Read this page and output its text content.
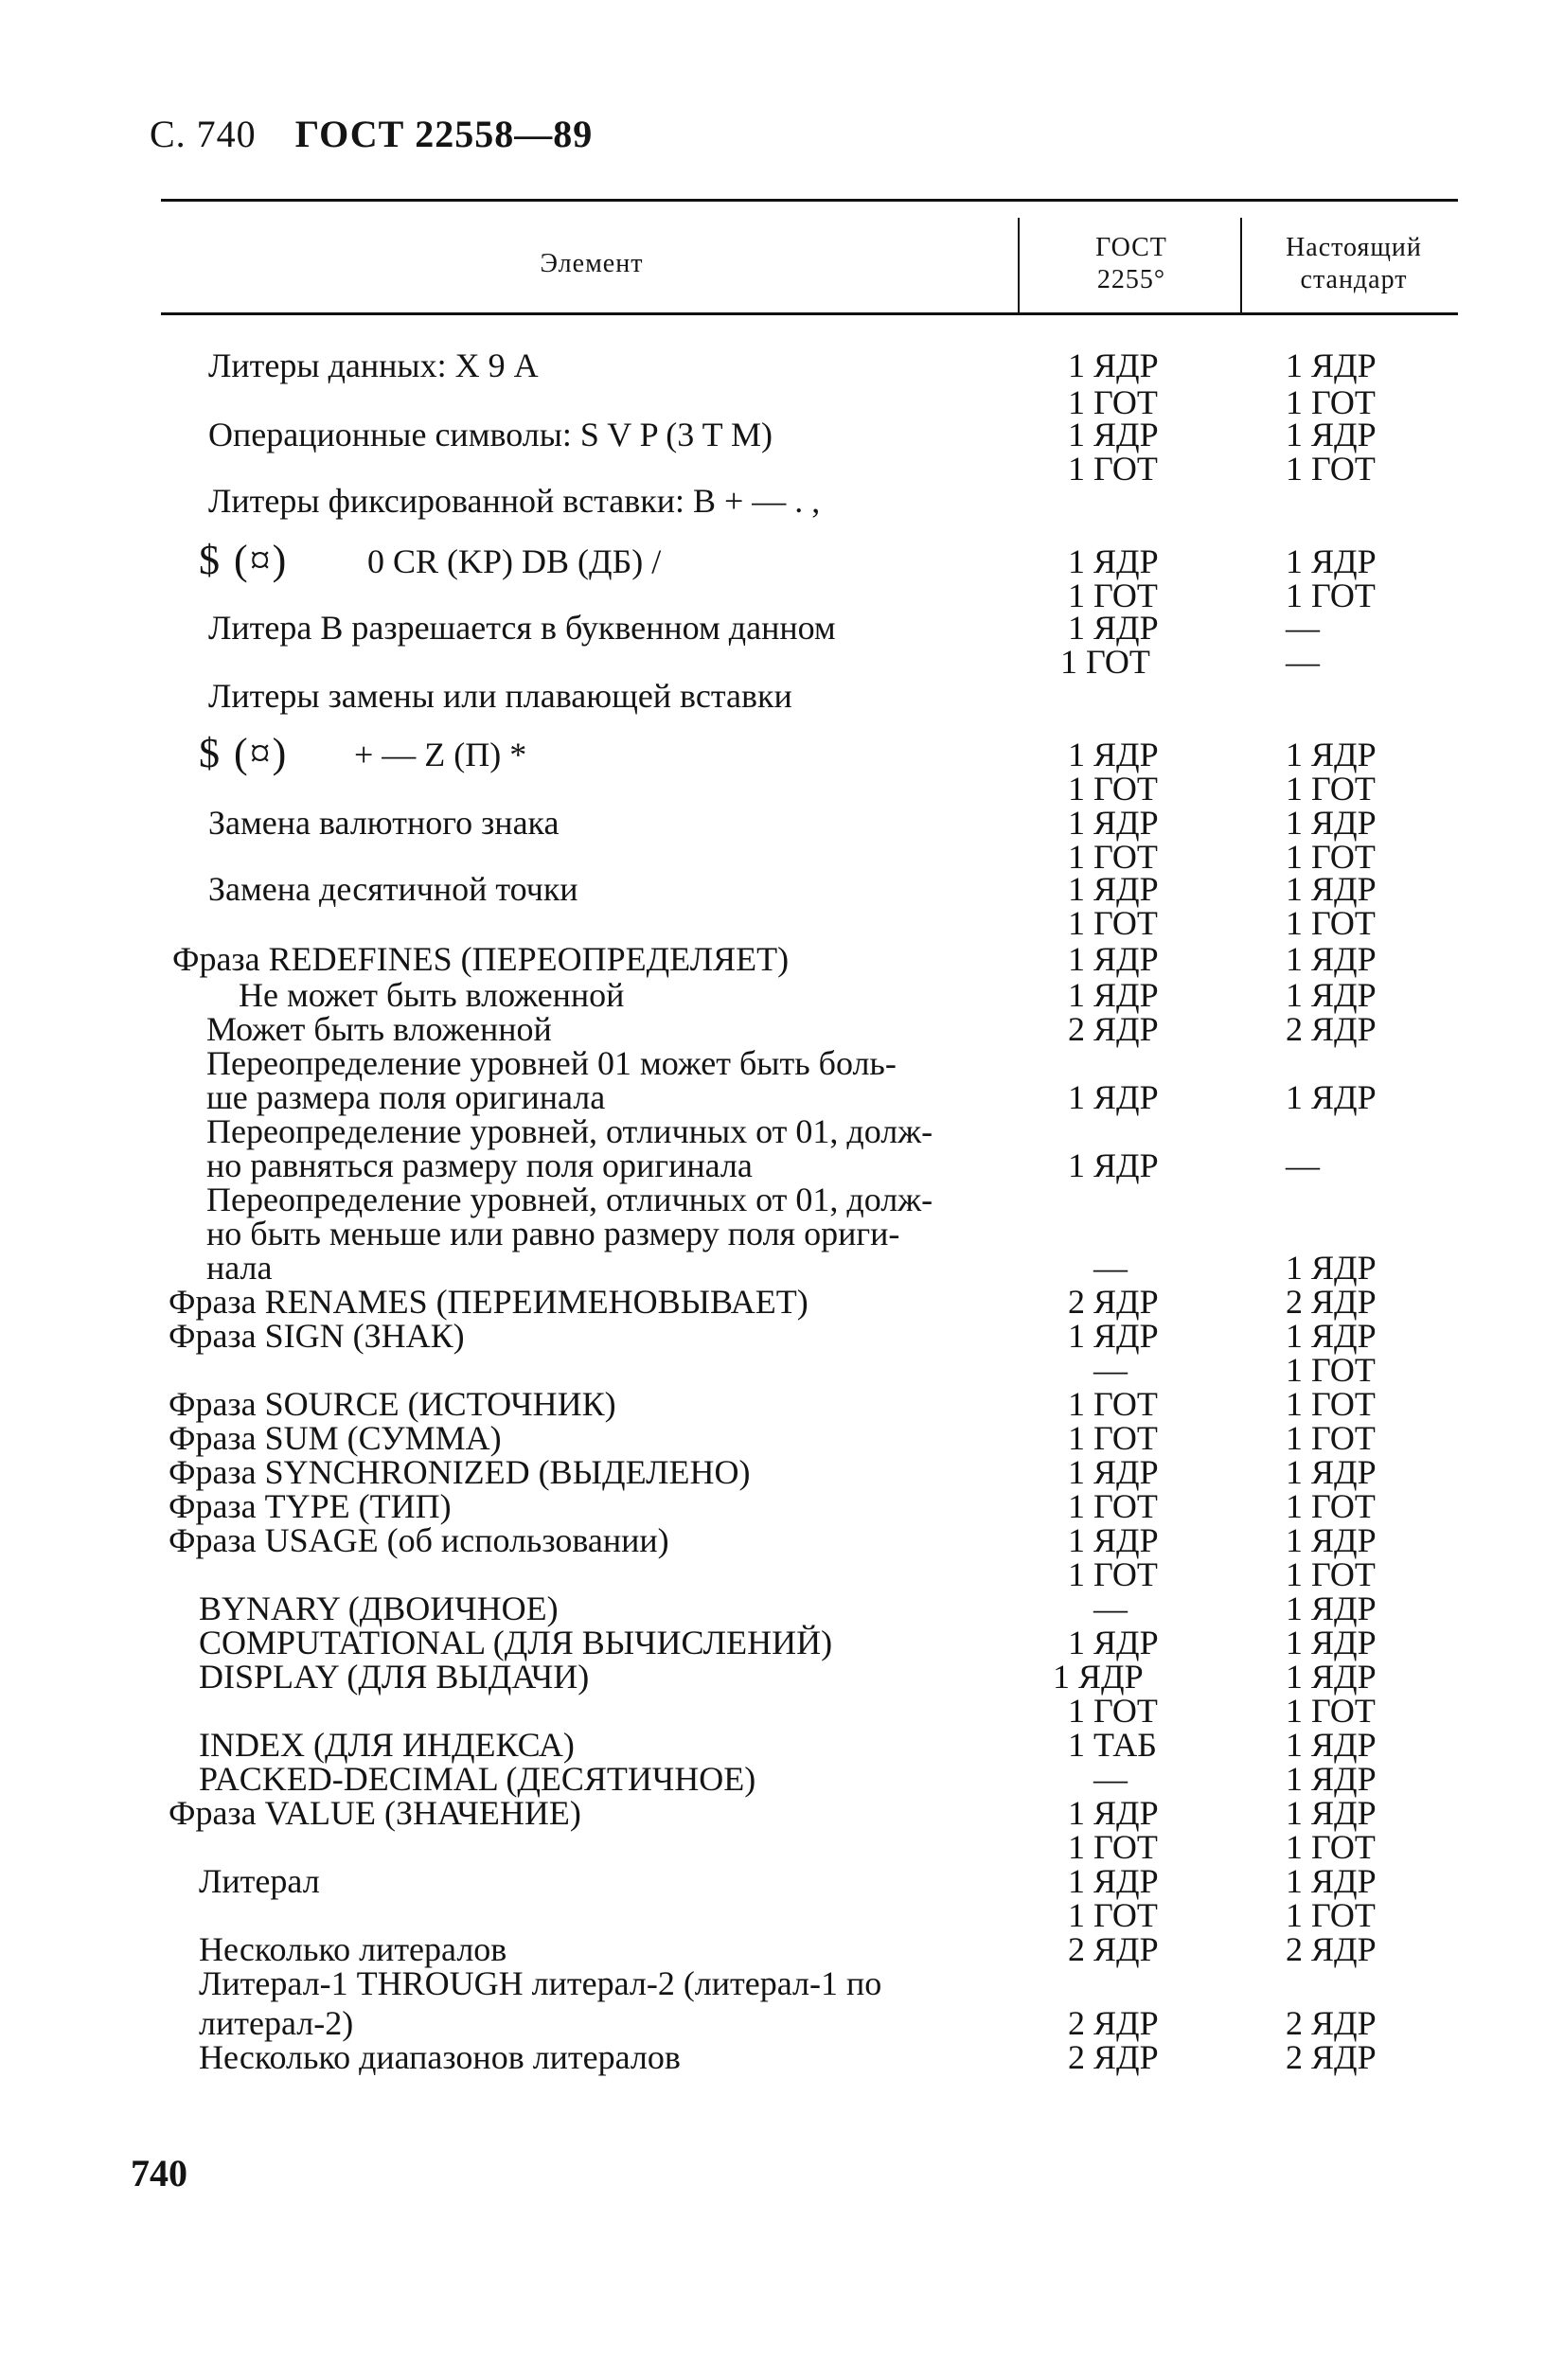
С. 740 ГОСТ 22558—89
Элемент
ГОСТ
2255°
Настоящий
стандарт
Литеры данных: Х 9 А	1 ЯДР	1 ЯДР
1 ГОТ	1 ГОТ
Операционные символы: S V P (3 T M)	1 ЯДР	1 ЯДР
1 ГОТ	1 ГОТ
Литеры фиксированной вставки: В + — . ,
$ (¤) 0 CR (KP) DB (ДБ) /	1 ЯДР	1 ЯДР
1 ГОТ	1 ГОТ
Литера В разрешается в буквенном данном	1 ЯДР	—
1 ГОТ	—
Литеры замены или плавающей вставки
$ (¤) + — Z (П) *	1 ЯДР	1 ЯДР
1 ГОТ	1 ГОТ
Замена валютного знака	1 ЯДР	1 ЯДР
1 ГОТ	1 ГОТ
Замена десятичной точки	1 ЯДР	1 ЯДР
1 ГОТ	1 ГОТ
Фраза REDEFINES (ПЕРЕОПРЕДЕЛЯЕТ)	1 ЯДР	1 ЯДР
Не может быть вложенной	1 ЯДР	1 ЯДР
Может быть вложенной	2 ЯДР	2 ЯДР
Переопределение уровней 01 может быть боль-
ше размера поля оригинала	1 ЯДР	1 ЯДР
Переопределение уровней, отличных от 01, долж-
но равняться размеру поля оригинала	1 ЯДР	—
Переопределение уровней, отличных от 01, долж-
но быть меньше или равно размеру поля ориги-
нала	—	1 ЯДР
Фраза RENAMES (ПЕРЕИМЕНОВЫВАЕТ)	2 ЯДР	2 ЯДР
Фраза SIGN (ЗНАК)	1 ЯДР	1 ЯДР
—	1 ГОТ
Фраза SOURCE (ИСТОЧНИК)	1 ГОТ	1 ГОТ
Фраза SUM (СУММА)	1 ГОТ	1 ГОТ
Фраза SYNCHRONIZED (ВЫДЕЛЕНО)	1 ЯДР	1 ЯДР
Фраза TYPE (ТИП)	1 ГОТ	1 ГОТ
Фраза USAGE (об использовании)	1 ЯДР	1 ЯДР
1 ГОТ	1 ГОТ
BYNARY (ДВОИЧНОЕ)	—	1 ЯДР
COMPUTATIONAL (ДЛЯ ВЫЧИСЛЕНИЙ)	1 ЯДР	1 ЯДР
DISPLAY (ДЛЯ ВЫДАЧИ)	1 ЯДР	1 ЯДР
1 ГОТ	1 ГОТ
INDEX (ДЛЯ ИНДЕКСА)	1 ТАБ	1 ЯДР
PACKED-DECIMAL (ДЕСЯТИЧНОЕ)	—	1 ЯДР
Фраза VALUE (ЗНАЧЕНИЕ)	1 ЯДР	1 ЯДР
1 ГОТ	1 ГОТ
Литерал	1 ЯДР	1 ЯДР
1 ГОТ	1 ГОТ
Несколько литералов	2 ЯДР	2 ЯДР
Литерал-1 THROUGH литерал-2 (литерал-1 по
литерал-2)	2 ЯДР	2 ЯДР
Несколько диапазонов литералов	2 ЯДР	2 ЯДР
740
